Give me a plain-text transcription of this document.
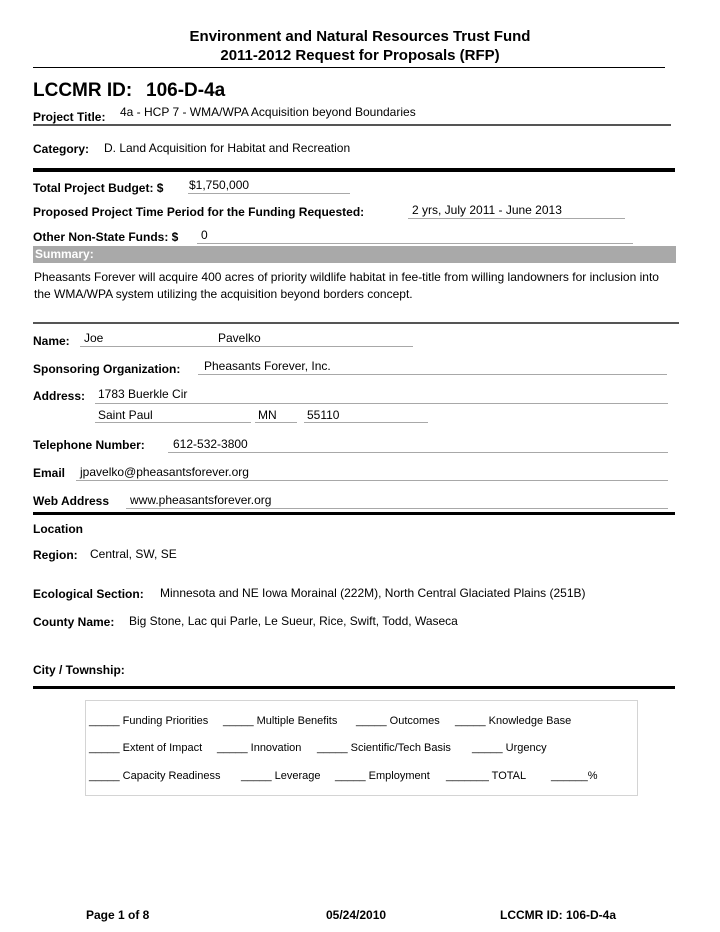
Environment and Natural Resources Trust Fund
2011-2012 Request for Proposals (RFP)
LCCMR ID: 106-D-4a
Project Title: 4a - HCP 7 - WMA/WPA Acquisition beyond Boundaries
Category: D. Land Acquisition for Habitat and Recreation
Total Project Budget: $ $1,750,000
Proposed Project Time Period for the Funding Requested:	2 yrs, July 2011 - June 2013
Other Non-State Funds: $ 0
Summary:
Pheasants Forever will acquire 400 acres of priority wildlife habitat in fee-title from willing landowners for inclusion into the WMA/WPA system utilizing the acquisition beyond borders concept.
Name: Joe	Pavelko
Sponsoring Organization: Pheasants Forever, Inc.
Address: 1783 Buerkle Cir
Saint Paul	MN	55110
Telephone Number: 612-532-3800
Email jpavelko@pheasantsforever.org
Web Address www.pheasantsforever.org
Location
Region: Central, SW, SE
Ecological Section: Minnesota and NE Iowa Morainal (222M), North Central Glaciated Plains (251B)
County Name: Big Stone, Lac qui Parle, Le Sueur, Rice, Swift, Todd, Waseca
City / Township:
_____ Funding Priorities _____ Multiple Benefits _____ Outcomes _____ Knowledge Base
_____ Extent of Impact _____ Innovation _____ Scientific/Tech Basis _____ Urgency
_____ Capacity Readiness _____ Leverage _____ Employment _______ TOTAL ______%
Page 1 of 8	05/24/2010	LCCMR ID: 106-D-4a
